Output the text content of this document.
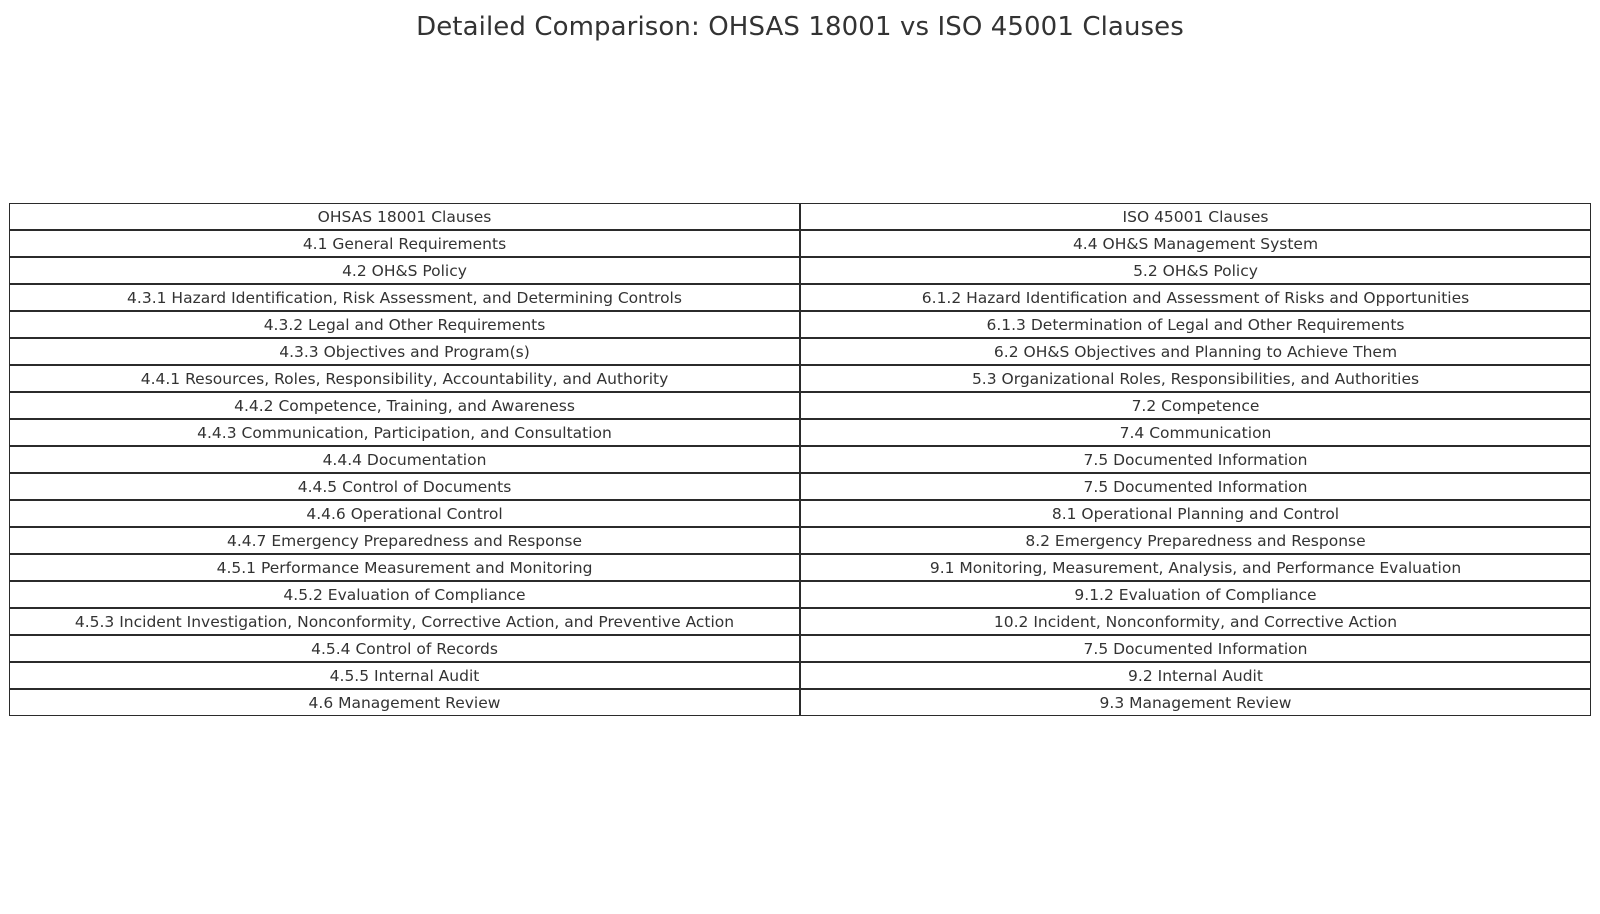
Detailed Comparison: OHSAS 18001 vs ISO 45001 Clauses
OHSAS 18001 Clauses	ISO 45001 Clauses
4.1 General Requirements	4.4 OH&S Management System
4.2 OH&S Policy	5.2 OH&S Policy
4.3.1 Hazard Identification, Risk Assessment, and Determining Controls	6.1.2 Hazard Identification and Assessment of Risks and Opportunities
4.3.2 Legal and Other Requirements	6.1.3 Determination of Legal and Other Requirements
4.3.3 Objectives and Program(s)	6.2 OH&S Objectives and Planning to Achieve Them
4.4.1 Resources, Roles, Responsibility, Accountability, and Authority	5.3 Organizational Roles, Responsibilities, and Authorities
4.4.2 Competence, Training, and Awareness	7.2 Competence
4.4.3 Communication, Participation, and Consultation	7.4 Communication
4.4.4 Documentation	7.5 Documented Information
4.4.5 Control of Documents	7.5 Documented Information
4.4.6 Operational Control	8.1 Operational Planning and Control
4.4.7 Emergency Preparedness and Response	8.2 Emergency Preparedness and Response
4.5.1 Performance Measurement and Monitoring	9.1 Monitoring, Measurement, Analysis, and Performance Evaluation
4.5.2 Evaluation of Compliance	9.1.2 Evaluation of Compliance
4.5.3 Incident Investigation, Nonconformity, Corrective Action, and Preventive Action	10.2 Incident, Nonconformity, and Corrective Action
4.5.4 Control of Records	7.5 Documented Information
4.5.5 Internal Audit	9.2 Internal Audit
4.6 Management Review	9.3 Management Review
